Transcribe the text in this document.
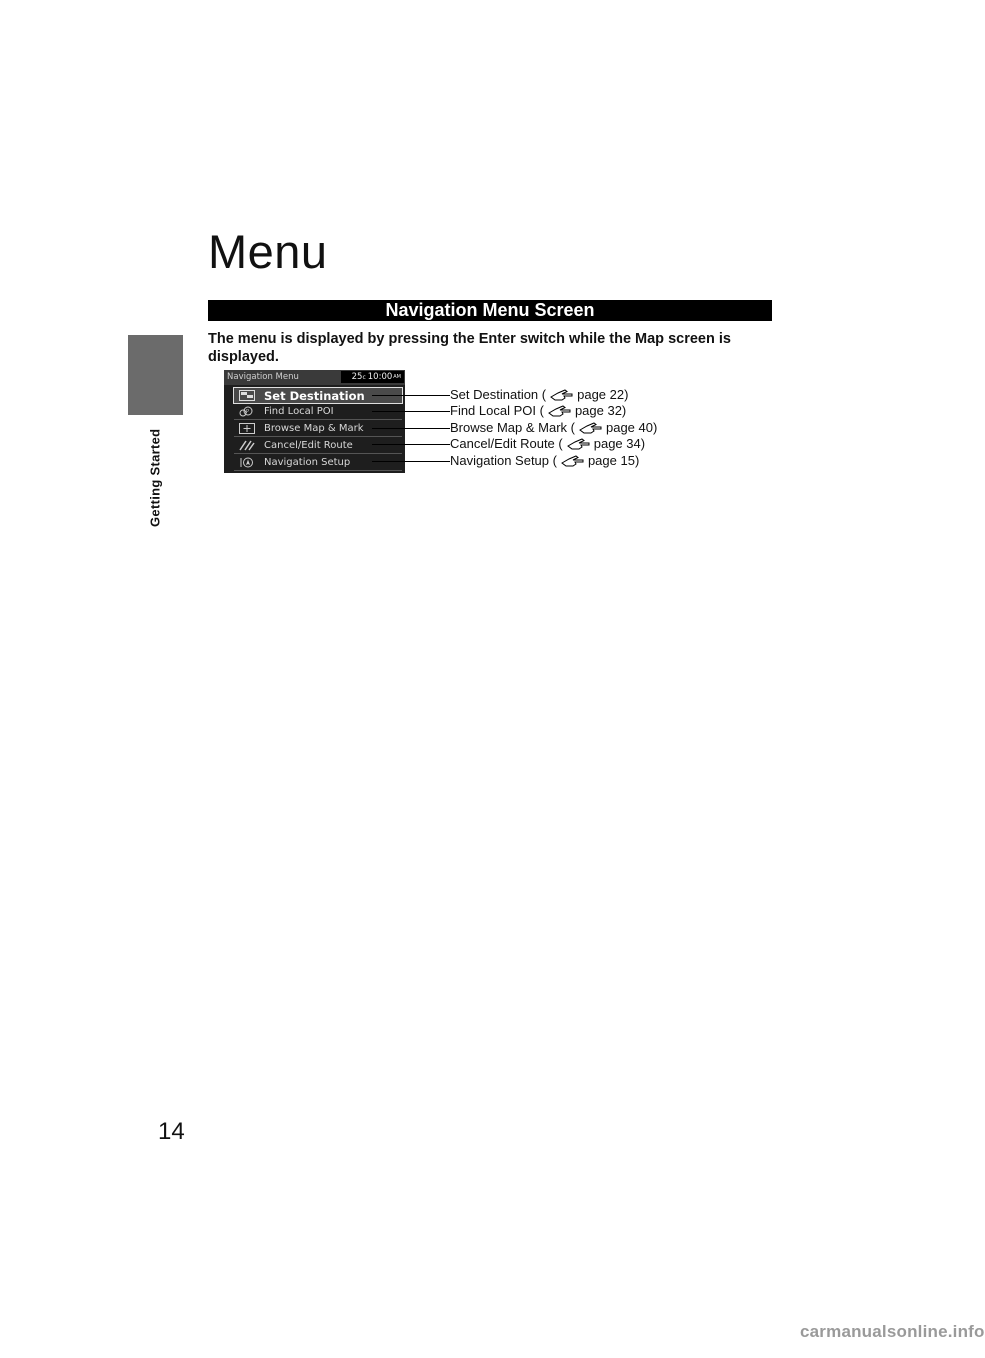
Getting Started
Menu
Navigation Menu Screen

The menu is displayed by pressing the Enter switch while the Map screen is displayed.

Navigation Menu	25 c 10:00 AM
Set Destination
P Find Local POI
Browse Map & Mark
Cancel/Edit Route
Navigation Setup
Set Destination ( page 22)
Find Local POI ( page 32)
Browse Map & Mark ( page 40)
Cancel/Edit Route ( page 34)
Navigation Setup ( page 15)
14
carmanualsonline.info
